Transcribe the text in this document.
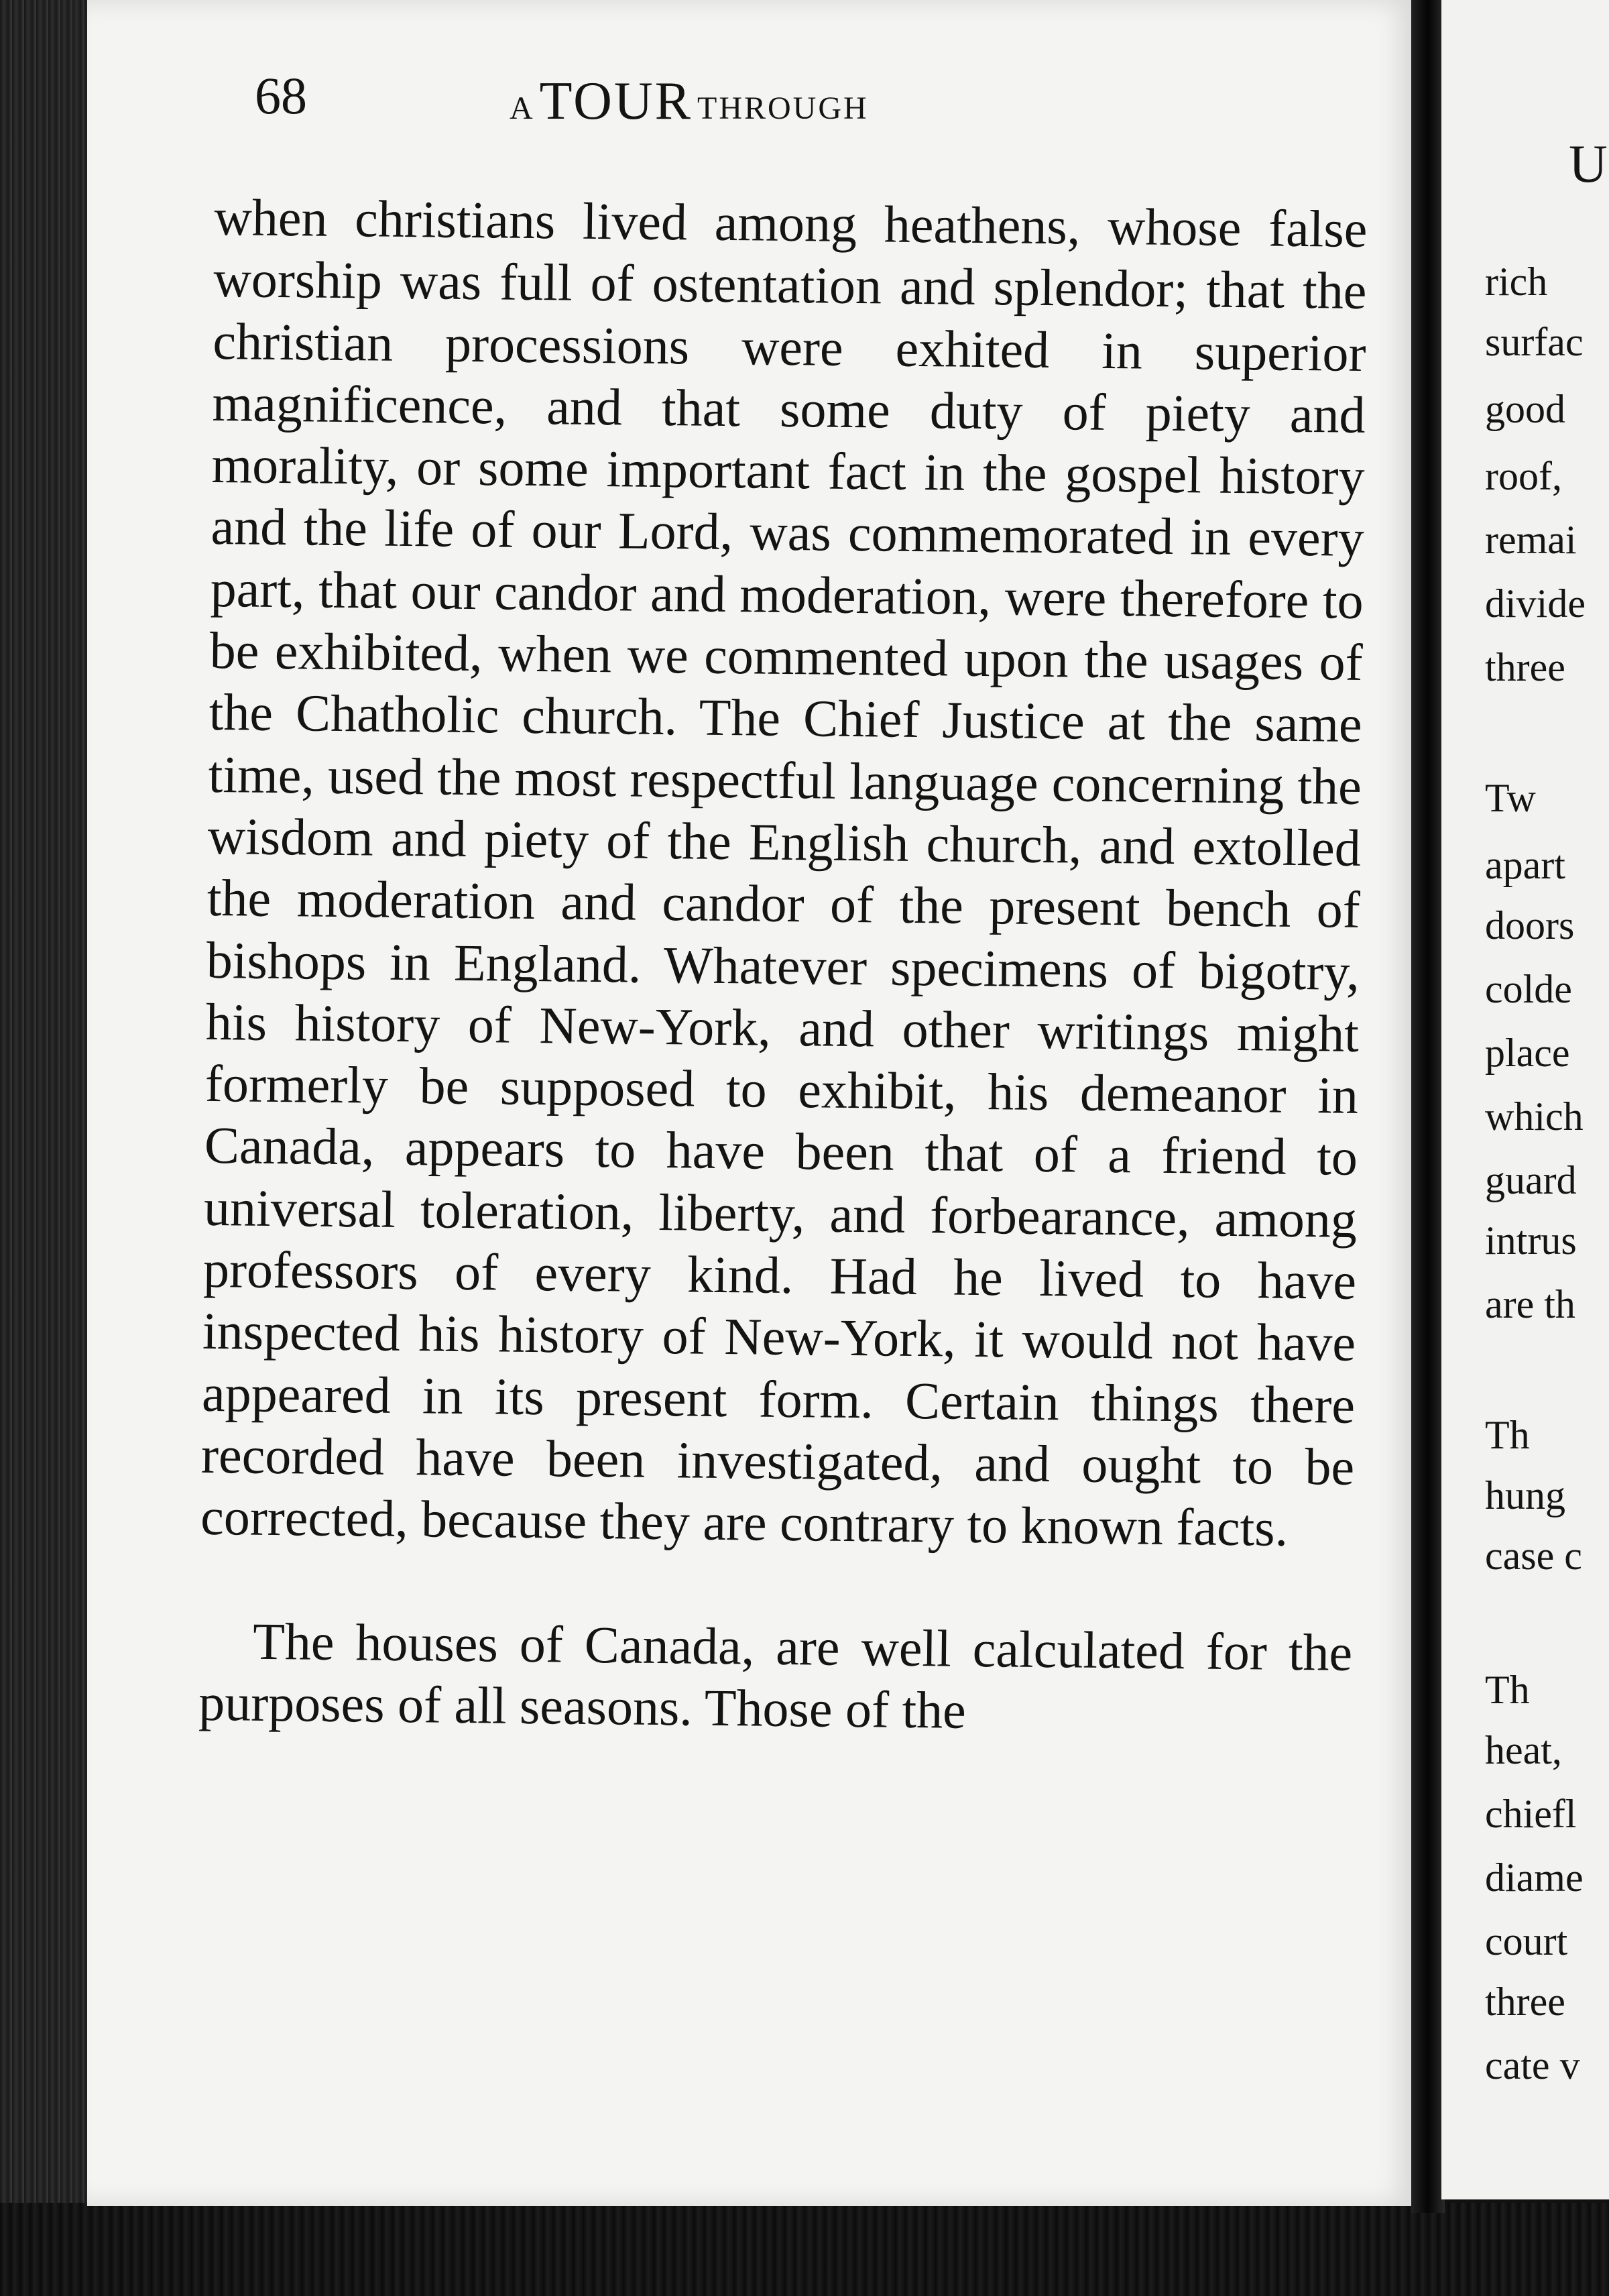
68	A TOUR THROUGH

when christians lived among heathens, whose false worship was full of ostentation and splendor; that the christian processions were exhited in superior magnificence, and that some duty of piety and morality, or some important fact in the gospel history and the life of our Lord, was commemorated in every part, that our candor and moderation, were therefore to be exhibited, when we commented upon the usages of the Chatholic church. The Chief Justice at the same time, used the most respectful language concerning the wisdom and piety of the English church, and extolled the moderation and candor of the present bench of bishops in England. Whatever specimens of bigotry, his history of New-York, and other writings might formerly be supposed to exhibit, his demeanor in Canada, appears to have been that of a friend to universal toleration, liberty, and forbearance, among professors of every kind. Had he lived to have inspected his history of New-York, it would not have appeared in its present form. Certain things there recorded have been investigated, and ought to be corrected, because they are contrary to known facts.

The houses of Canada, are well calculated for the purposes of all seasons. Those of the

U
rich
surfac
good
roof,
remai
divide
three
Tw
apart
doors
colde
place
which
guard
intrus
are th
Th
hung
case c
Th
heat,
chiefl
diame
court
three
cate v
